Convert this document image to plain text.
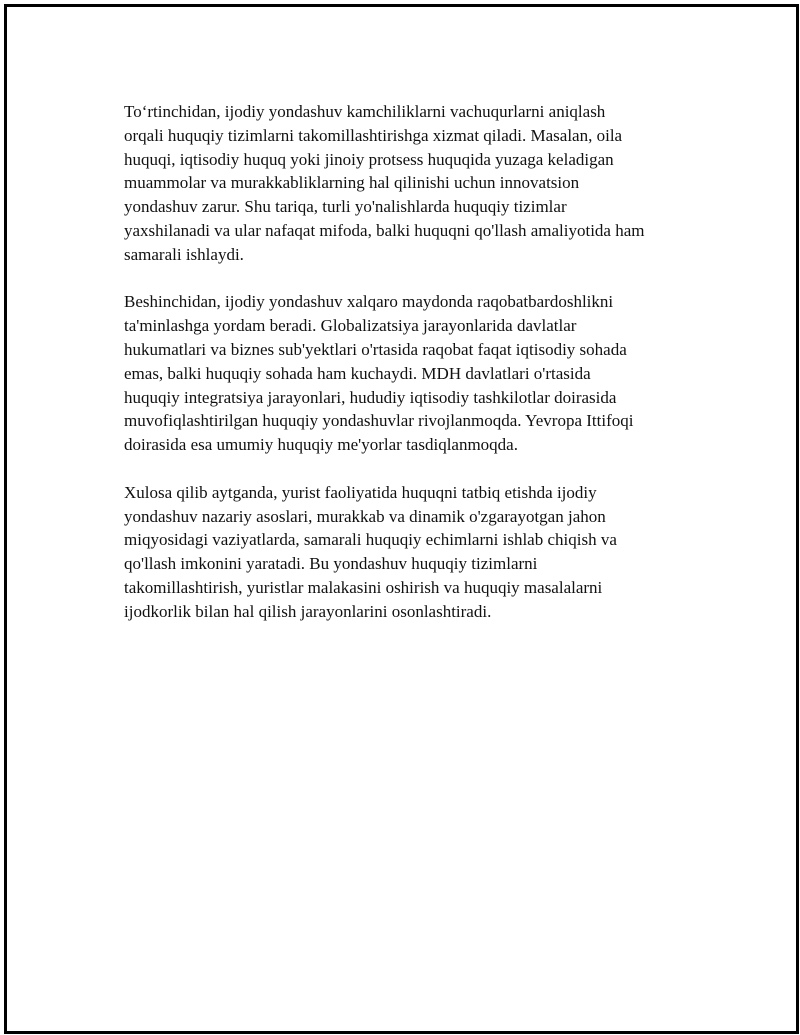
To‘rtinchidan, ijodiy yondashuv kamchiliklarni vachuqurlarni aniqlash
orqali huquqiy tizimlarni takomillashtirishga xizmat qiladi. Masalan, oila
huquqi, iqtisodiy huquq yoki jinoiy protsess huquqida yuzaga keladigan
muammolar va murakkabliklarning hal qilinishi uchun innovatsion
yondashuv zarur. Shu tariqa, turli yo'nalishlarda huquqiy tizimlar
yaxshilanadi va ular nafaqat mifoda, balki huquqni qo'llash amaliyotida ham
samarali ishlaydi.

Beshinchidan, ijodiy yondashuv xalqaro maydonda raqobatbardoshlikni
ta'minlashga yordam beradi. Globalizatsiya jarayonlarida davlatlar
hukumatlari va biznes sub'yektlari o'rtasida raqobat faqat iqtisodiy sohada
emas, balki huquqiy sohada ham kuchaydi. MDH davlatlari o'rtasida
huquqiy integratsiya jarayonlari, hududiy iqtisodiy tashkilotlar doirasida
muvofiqlashtirilgan huquqiy yondashuvlar rivojlanmoqda. Yevropa Ittifoqi
doirasida esa umumiy huquqiy me'yorlar tasdiqlanmoqda.

Xulosa qilib aytganda, yurist faoliyatida huquqni tatbiq etishda ijodiy
yondashuv nazariy asoslari, murakkab va dinamik o'zgarayotgan jahon
miqyosidagi vaziyatlarda, samarali huquqiy echimlarni ishlab chiqish va
qo'llash imkonini yaratadi. Bu yondashuv huquqiy tizimlarni
takomillashtirish, yuristlar malakasini oshirish va huquqiy masalalarni
ijodkorlik bilan hal qilish jarayonlarini osonlashtiradi.
